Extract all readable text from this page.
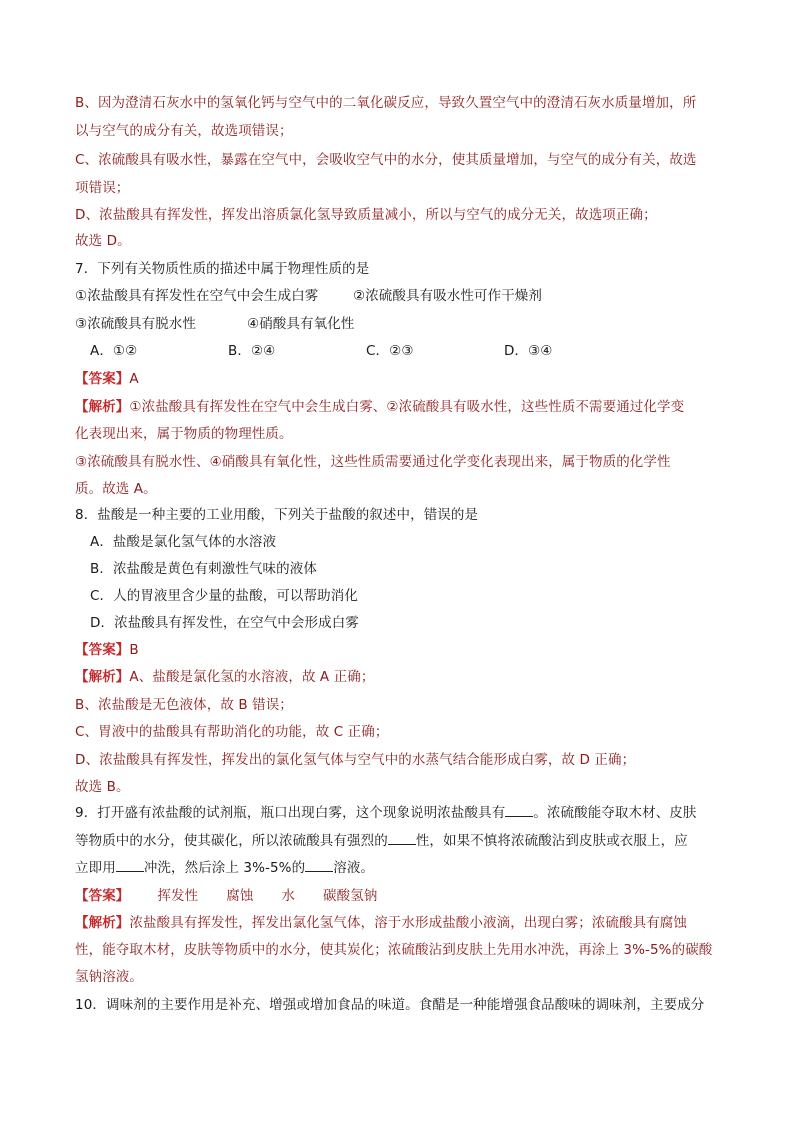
B、因为澄清石灰水中的氢氧化钙与空气中的二氧化碳反应，导致久置空气中的澄清石灰水质量增加，所
以与空气的成分有关，故选项错误；
C、浓硫酸具有吸水性，暴露在空气中，会吸收空气中的水分，使其质量增加，与空气的成分有关，故选
项错误；
D、浓盐酸具有挥发性，挥发出溶质氯化氢导致质量减小，所以与空气的成分无关，故选项正确；
故选 D。
7．下列有关物质性质的描述中属于物理性质的是
①浓盐酸具有挥发性在空气中会生成白雾	②浓硫酸具有吸水性可作干燥剂
③浓硫酸具有脱水性	④硝酸具有氧化性
A．①②	B．②④	C．②③	D．③④
【答案】A
【解析】①浓盐酸具有挥发性在空气中会生成白雾、②浓硫酸具有吸水性，这些性质不需要通过化学变
化表现出来，属于物质的物理性质。
③浓硫酸具有脱水性、④硝酸具有氧化性，这些性质需要通过化学变化表现出来，属于物质的化学性
质。故选 A。
8．盐酸是一种主要的工业用酸，下列关于盐酸的叙述中，错误的是
A．盐酸是氯化氢气体的水溶液
B．浓盐酸是黄色有刺激性气味的液体
C．人的胃液里含少量的盐酸，可以帮助消化
D．浓盐酸具有挥发性，在空气中会形成白雾
【答案】B
【解析】A、盐酸是氯化氢的水溶液，故 A 正确；
B、浓盐酸是无色液体，故 B 错误；
C、胃液中的盐酸具有帮助消化的功能，故 C 正确；
D、浓盐酸具有挥发性，挥发出的氯化氢气体与空气中的水蒸气结合能形成白雾，故 D 正确；
故选 B。
9．打开盛有浓盐酸的试剂瓶，瓶口出现白雾，这个现象说明浓盐酸具有 。浓硫酸能夺取木材、皮肤
等物质中的水分，使其碳化，所以浓硫酸具有强烈的 性，如果不慎将浓硫酸沾到皮肤或衣服上，应
立即用 冲洗，然后涂上 3%-5%的 溶液。
【答案】 挥发性 腐蚀 水 碳酸氢钠
【解析】浓盐酸具有挥发性，挥发出氯化氢气体，溶于水形成盐酸小液滴，出现白雾；浓硫酸具有腐蚀
性，能夺取木材，皮肤等物质中的水分，使其炭化；浓硫酸沾到皮肤上先用水冲洗，再涂上 3%-5%的碳酸
氢钠溶液。
10．调味剂的主要作用是补充、增强或增加食品的味道。食醋是一种能增强食品酸味的调味剂，主要成分
